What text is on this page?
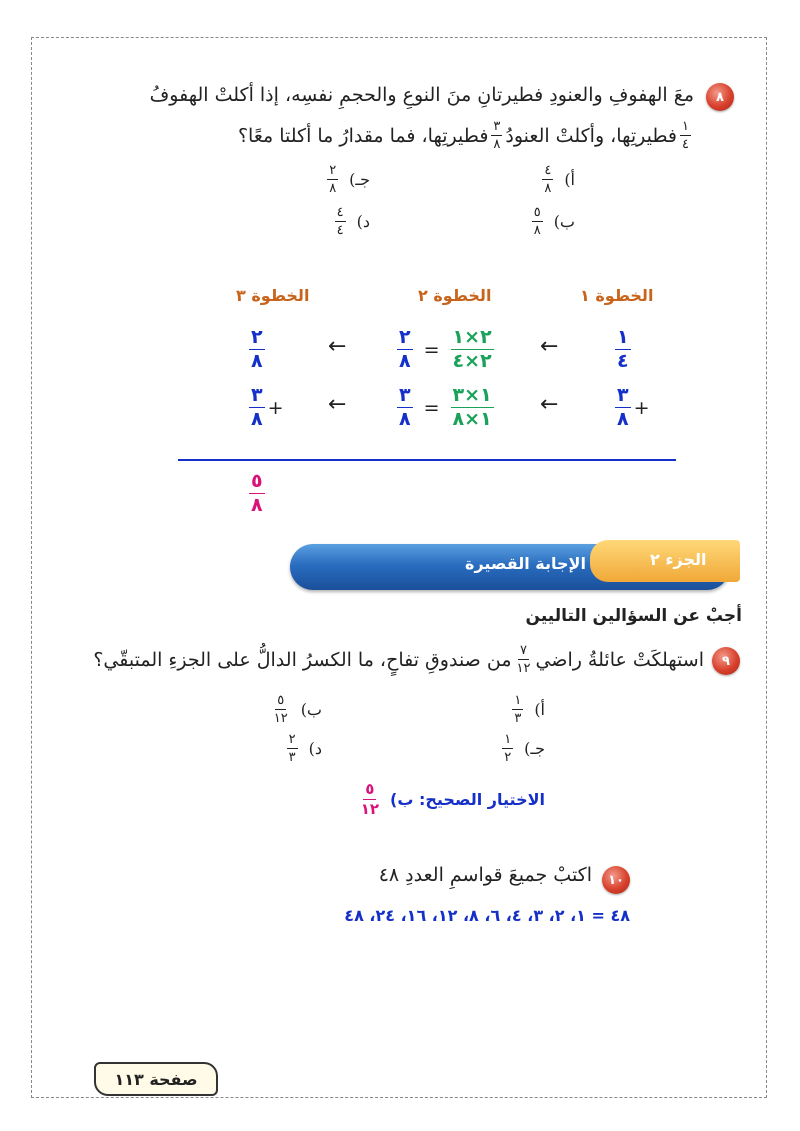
٨
معَ الهفوفِ والعنودِ فطيرتانِ منَ النوعِ والحجمِ نفسِه، إذا أكلتْ الهفوفُ
$\frac{١}{٤}$
فطيرتِها، وأكلتْ العنودُ
$\frac{٣}{٨}$
فطيرتِها، فما مقدارُ ما أكلتا معًا؟
أ)
$\frac{٤}{٨}$
ب)
$\frac{٥}{٨}$
جـ)
$\frac{٢}{٨}$
د)
$\frac{٤}{٤}$
الخطوة ١
الخطوة ٢
الخطوة ٣
$\frac{١}{٤}$
←
$\frac{٢}{٨} = \frac{٢\times ١}{٢\times ٤}$
←
$\frac{٢}{٨}$
$\frac{٣}{٨}$ +
←
$\frac{٣}{٨} = \frac{١\times ٣}{١\times ٨}$
←
$\frac{٣}{٨}$ +
$\frac{٥}{٨}$
الجزء ٢
الإجابة القصيرة
أجبْ عن السؤالين التاليين
٩
استهلكَتْ عائلةُ راضي
$\frac{٧}{١٢}$
من صندوقِ تفاحٍ، ما الكسرُ الدالُّ على الجزءِ المتبقّي؟
أ)
$\frac{١}{٣}$
ب)
$\frac{٥}{١٢}$
جـ)
$\frac{١}{٢}$
د)
$\frac{٢}{٣}$
الاختيار الصحيح: ب)
$\frac{٥}{١٢}$
١٠
اكتبْ جميعَ قواسمِ العددِ ٤٨
٤٨ = ١، ٢، ٣، ٤، ٦، ٨، ١٢، ١٦، ٢٤، ٤٨
صفحة ١١٣
